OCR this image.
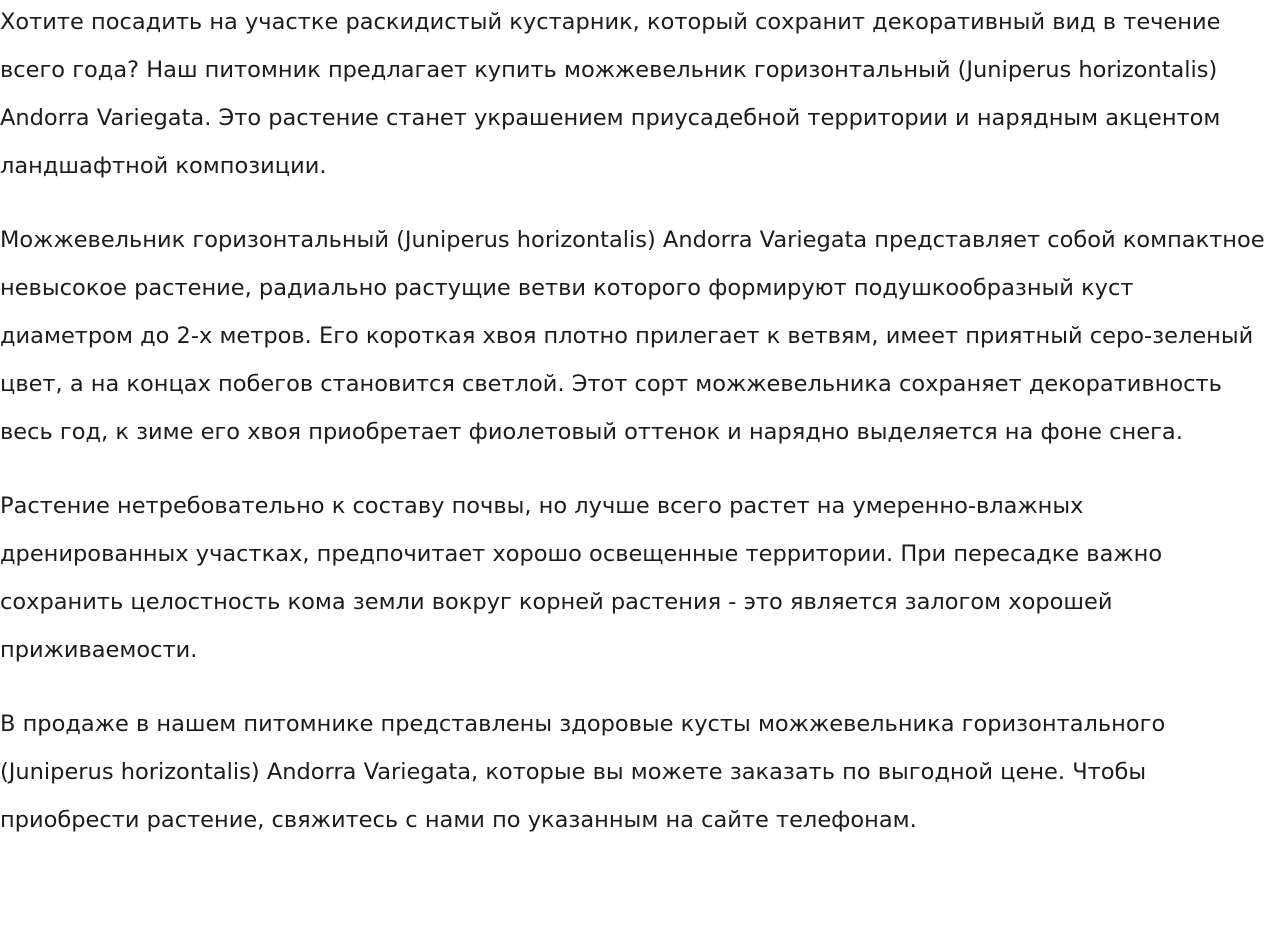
Хотите посадить на участке раскидистый кустарник, который сохранит декоративный вид в течение всего года? Наш питомник предлагает купить можжевельник горизонтальный (Juniperus horizontalis) Andorra Variegata. Это растение станет украшением приусадебной территории и нарядным акцентом ландшафтной композиции.

Можжевельник горизонтальный (Juniperus horizontalis) Andorra Variegata представляет собой компактное невысокое растение, радиально растущие ветви которого формируют подушкообразный куст диаметром до 2-х метров. Его короткая хвоя плотно прилегает к ветвям, имеет приятный серо-зеленый цвет, а на концах побегов становится светлой. Этот сорт можжевельника сохраняет декоративность весь год, к зиме его хвоя приобретает фиолетовый оттенок и нарядно выделяется на фоне снега.

Растение нетребовательно к составу почвы, но лучше всего растет на умеренно-влажных дренированных участках, предпочитает хорошо освещенные территории. При пересадке важно сохранить целостность кома земли вокруг корней растения - это является залогом хорошей приживаемости.

В продаже в нашем питомнике представлены здоровые кусты можжевельника горизонтального (Juniperus horizontalis) Andorra Variegata, которые вы можете заказать по выгодной цене. Чтобы приобрести растение, свяжитесь с нами по указанным на сайте телефонам.
